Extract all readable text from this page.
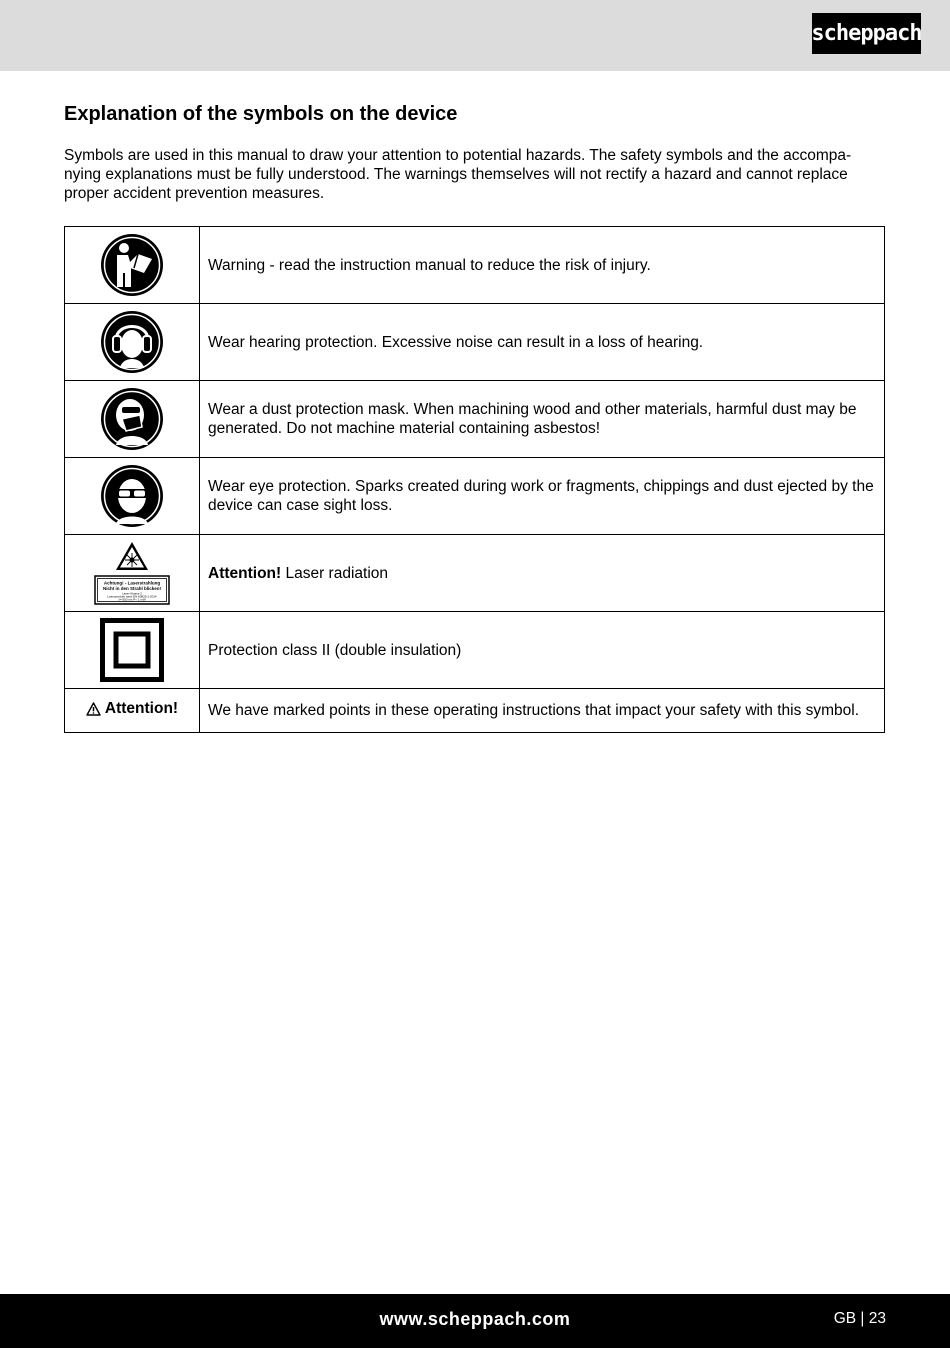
scheppach
Explanation of the symbols on the device

Symbols are used in this manual to draw your attention to potential hazards. The safety symbols and the accompa-nying explanations must be fully understood. The warnings themselves will not rectify a hazard and cannot replace proper accident prevention measures.

	Warning - read the instruction manual to reduce the risk of injury.

	Wear hearing protection. Excessive noise can result in a loss of hearing.

	Wear a dust protection mask. When machining wood and other materials, harmful dust may be generated. Do not machine material containing asbestos!

	Wear eye protection. Sparks created during work or fragments, chippings and dust ejected by the device can case sight loss.

Achtung! - Laserstrahlung
Nicht in den Strahl blicken!
Laser Klasse 2
Laserprodukt nach EN 60825-1:2014
λ= 650 nm P< 1 mW	Attention! Laser radiation

	Protection class II (double insulation)

Attention!	We have marked points in these operating instructions that impact your safety with this symbol.
www.scheppach.com	GB | 23
